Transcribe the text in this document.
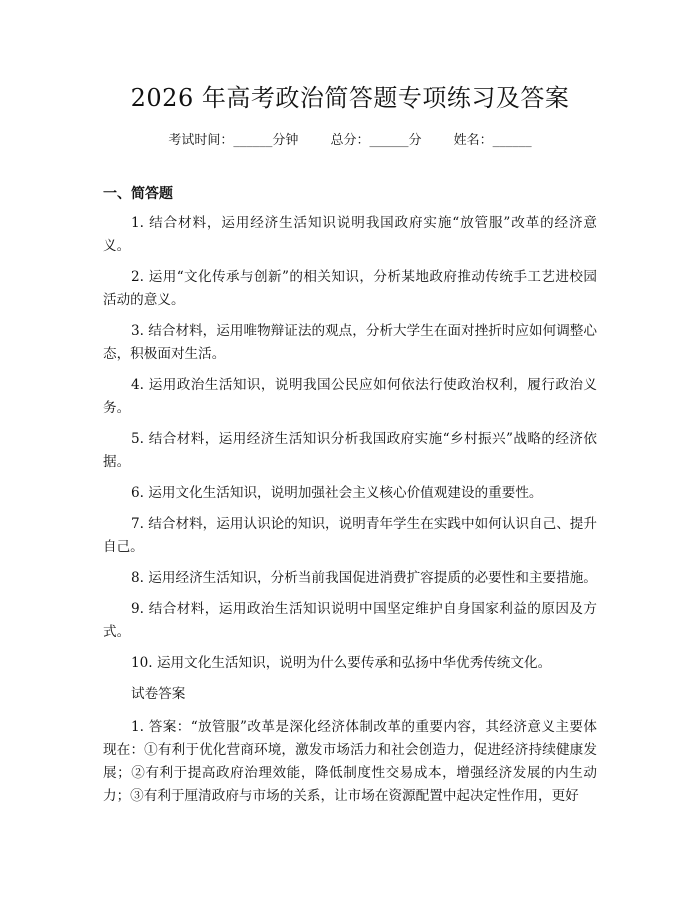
2026 年高考政治简答题专项练习及答案
考试时间：______分钟 总分：______分 姓名：______
一、简答题
1. 结合材料，运用经济生活知识说明我国政府实施“放管服”改革的经济意义。
2. 运用“文化传承与创新”的相关知识，分析某地政府推动传统手工艺进校园活动的意义。
3. 结合材料，运用唯物辩证法的观点，分析大学生在面对挫折时应如何调整心态，积极面对生活。
4. 运用政治生活知识，说明我国公民应如何依法行使政治权利，履行政治义务。
5. 结合材料，运用经济生活知识分析我国政府实施“乡村振兴”战略的经济依据。
6. 运用文化生活知识，说明加强社会主义核心价值观建设的重要性。
7. 结合材料，运用认识论的知识，说明青年学生在实践中如何认识自己、提升自己。
8. 运用经济生活知识，分析当前我国促进消费扩容提质的必要性和主要措施。
9. 结合材料，运用政治生活知识说明中国坚定维护自身国家利益的原因及方式。
10. 运用文化生活知识，说明为什么要传承和弘扬中华优秀传统文化。
试卷答案

1. 答案：“放管服”改革是深化经济体制改革的重要内容，其经济意义主要体现在：①有利于优化营商环境，激发市场活力和社会创造力，促进经济持续健康发展；②有利于提高政府治理效能，降低制度性交易成本，增强经济发展的内生动力；③有利于厘清政府与市场的关系，让市场在资源配置中起决定性作用，更好
